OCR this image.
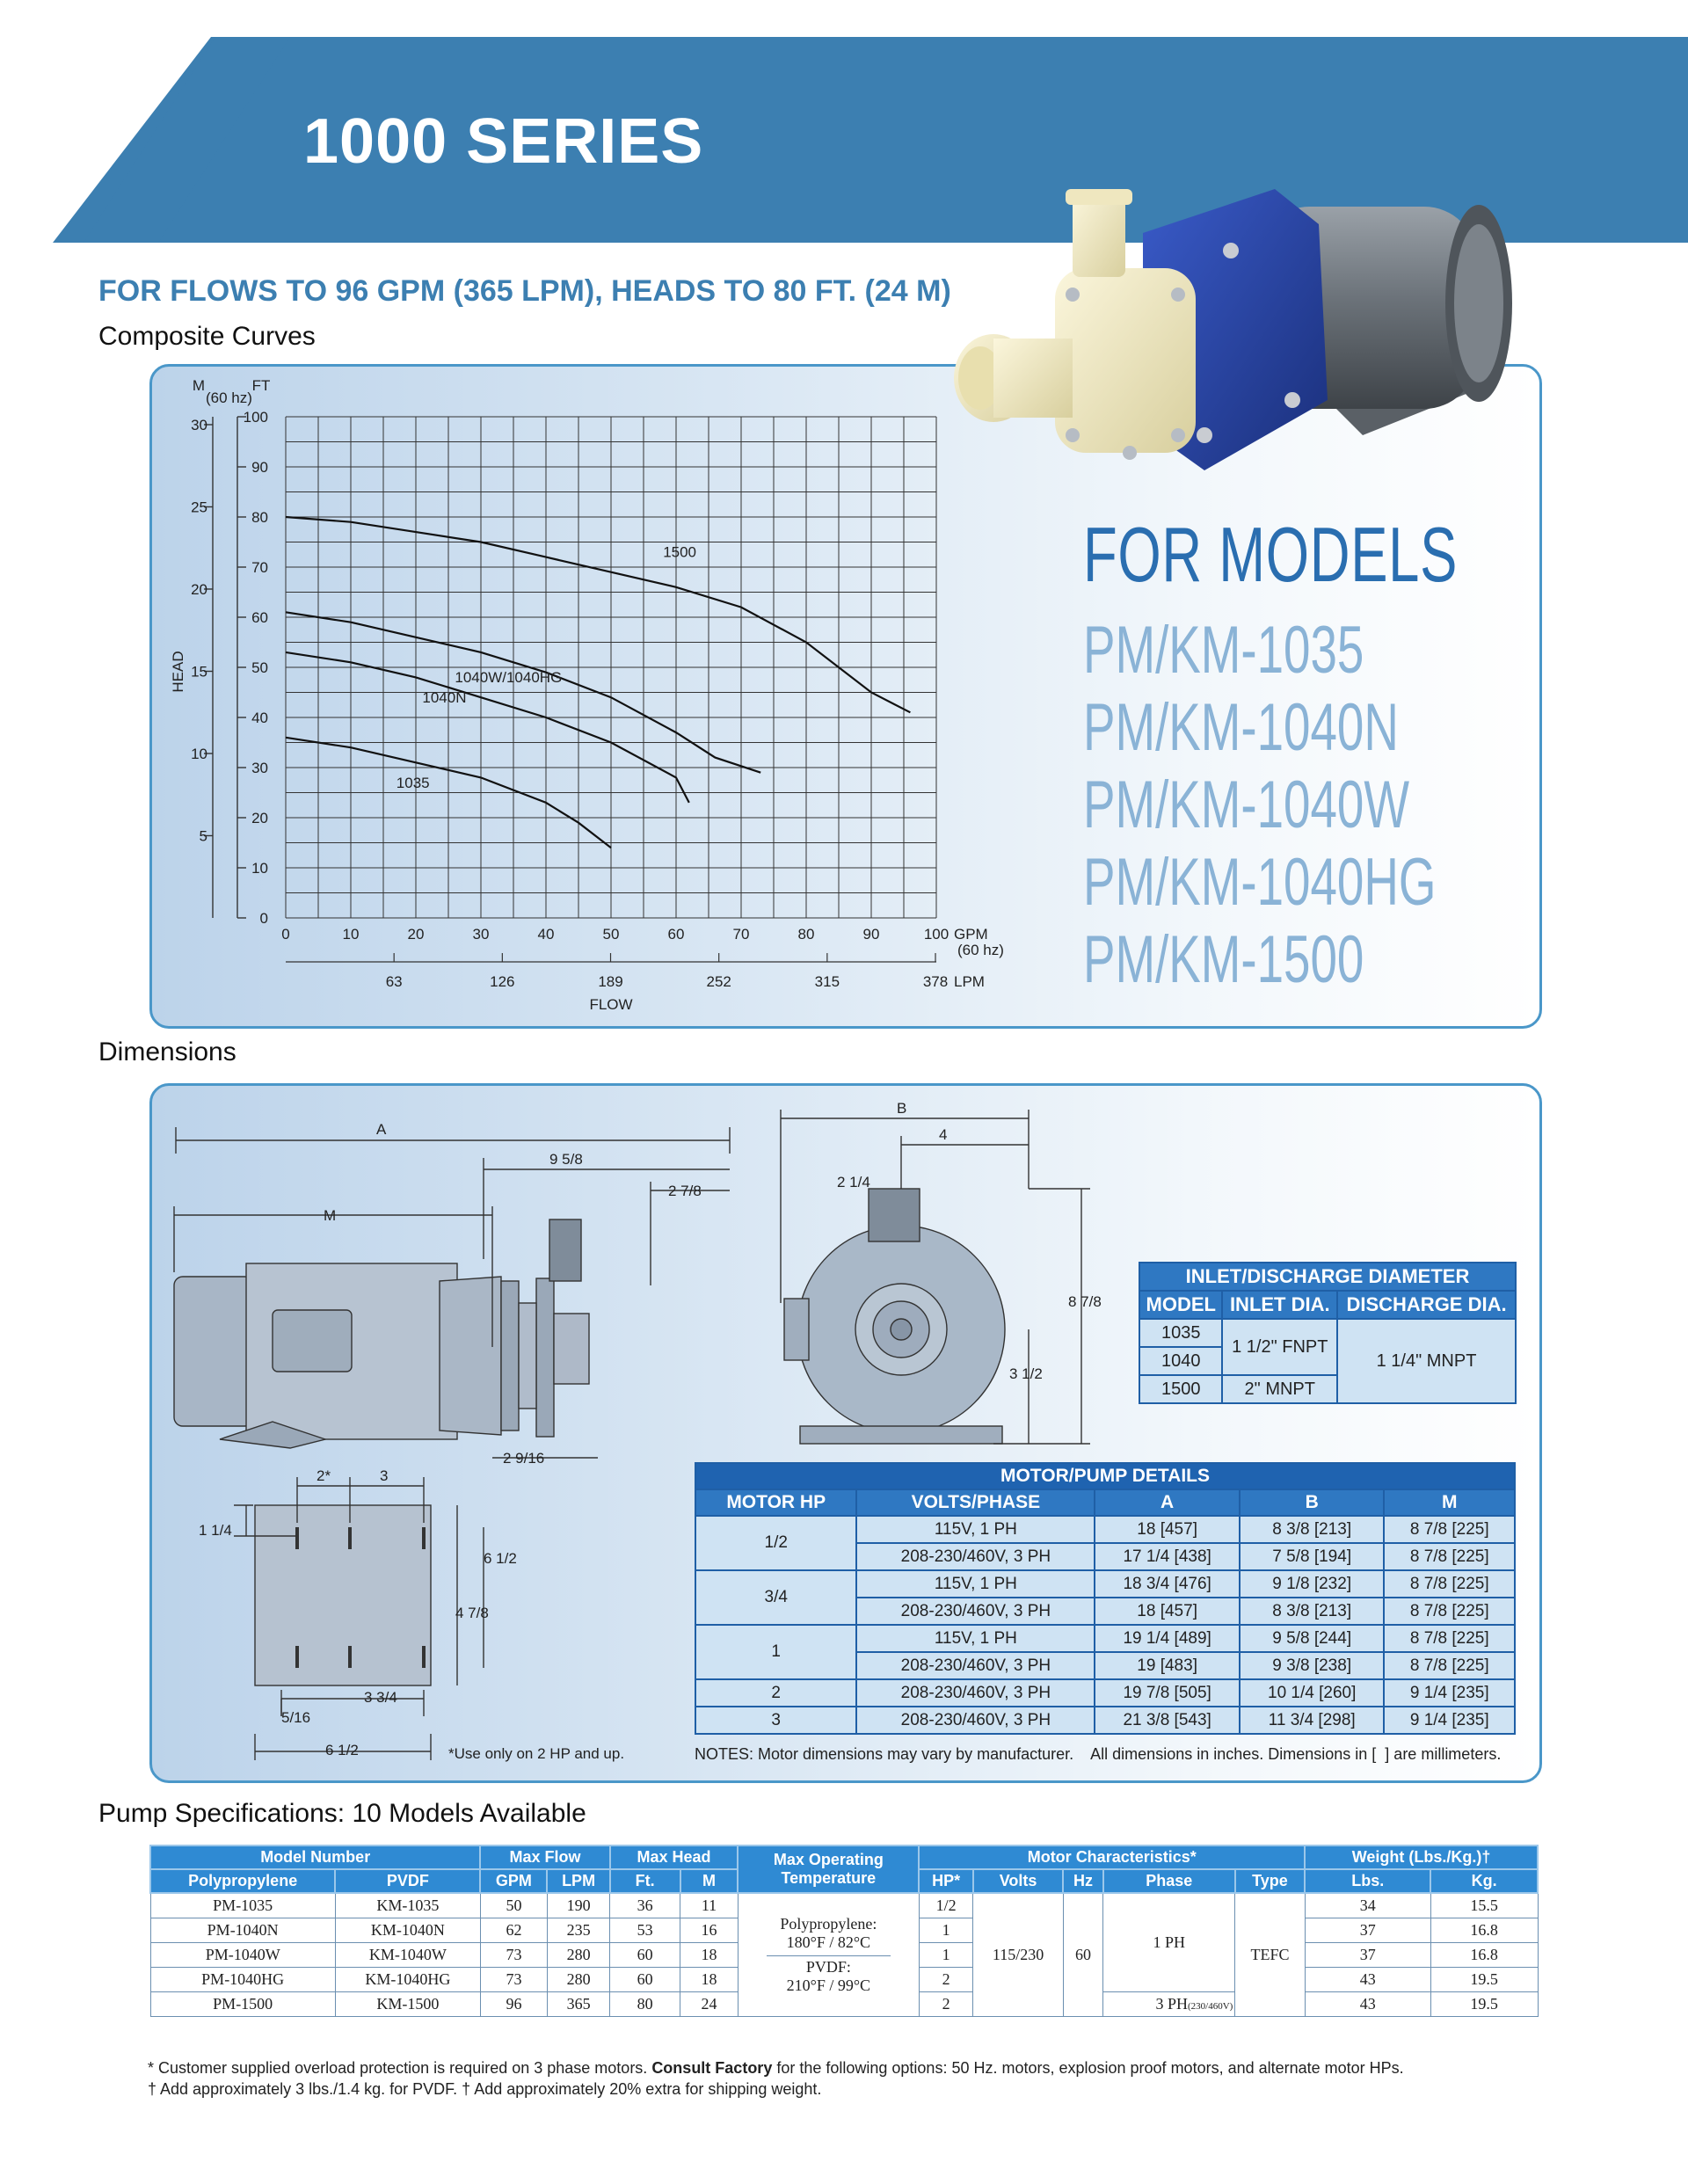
1000 SERIES
FOR FLOWS TO 96 GPM (365 LPM), HEADS TO 80 FT. (24 M)
Composite Curves
0
10
20
30
40
50
60
70
80
90
100
5
10
15
20
25
30
M
(60 hz)
FT
HEAD
0	10	20	30	40	50	60	70	80	90	100 GPM
(60 hz)
63	126	189	252	315	378 LPM
FLOW
1500
1040W/1040HG
1040N
1035
FOR MODELS
PM/KM-1035
PM/KM-1040N
PM/KM-1040W
PM/KM-1040HG
PM/KM-1500
Dimensions
A
9 5/8
2 7/8
M
2 9/16
B
4
2 1/4
8 7/8
3 1/2
2*	3
1 1/4
6 1/2
4 7/8
3 3/4
5/16
6 1/2	*Use only on 2 HP and up.
INLET/DISCHARGE DIAMETER		
MODEL	INLET DIA.	DISCHARGE DIA.
1035	1 1/2" FNPT	1 1/4" MNPT
1040		
1500	2" MNPT	
MOTOR/PUMP DETAILS				
MOTOR HP	VOLTS/PHASE	A	B	M
1/2	115V, 1 PH	18 [457]	8 3/8 [213]	8 7/8 [225]
	208-230/460V, 3 PH	17 1/4 [438]	7 5/8 [194]	8 7/8 [225]
3/4	115V, 1 PH	18 3/4 [476]	9 1/8 [232]	8 7/8 [225]
	208-230/460V, 3 PH	18 [457]	8 3/8 [213]	8 7/8 [225]
1	115V, 1 PH	19 1/4 [489]	9 5/8 [244]	8 7/8 [225]
	208-230/460V, 3 PH	19 [483]	9 3/8 [238]	8 7/8 [225]
2	208-230/460V, 3 PH	19 7/8 [505]	10 1/4 [260]	9 1/4 [235]
3	208-230/460V, 3 PH	21 3/8 [543]	11 3/4 [298]	9 1/4 [235]
NOTES: Motor dimensions may vary by manufacturer.    All dimensions in inches. Dimensions in [  ] are millimeters.
Pump Specifications: 10 Models Available
Model Number		Max Flow		Max Head		Max Operating Temperature	Motor Characteristics*					Weight (Lbs./Kg.)†	
Polypropylene	PVDF												
		GPM	LPM	Ft.	M		HP*	Volts	Hz	Phase	Type	Lbs.	Kg.
PM-1035	KM-1035	50	190	36	11	Polypropylene:
180°F / 82°C
PVDF:
210°F / 99°C	1/2	115/230	60	1 PH	TEFC	34	15.5
PM-1040N	KM-1040N	62	235	53	16		1					37	16.8
PM-1040W	KM-1040W	73	280	60	18		1					37	16.8
PM-1040HG	KM-1040HG	73	280	60	18		2					43	19.5
PM-1500	KM-1500	96	365	80	24		2			3 PH(230/460V)		43	19.5
* Customer supplied overload protection is required on 3 phase motors. Consult Factory for the following options: 50 Hz. motors, explosion proof motors, and alternate motor HPs.
† Add approximately 3 lbs./1.4 kg. for PVDF. † Add approximately 20% extra for shipping weight.
